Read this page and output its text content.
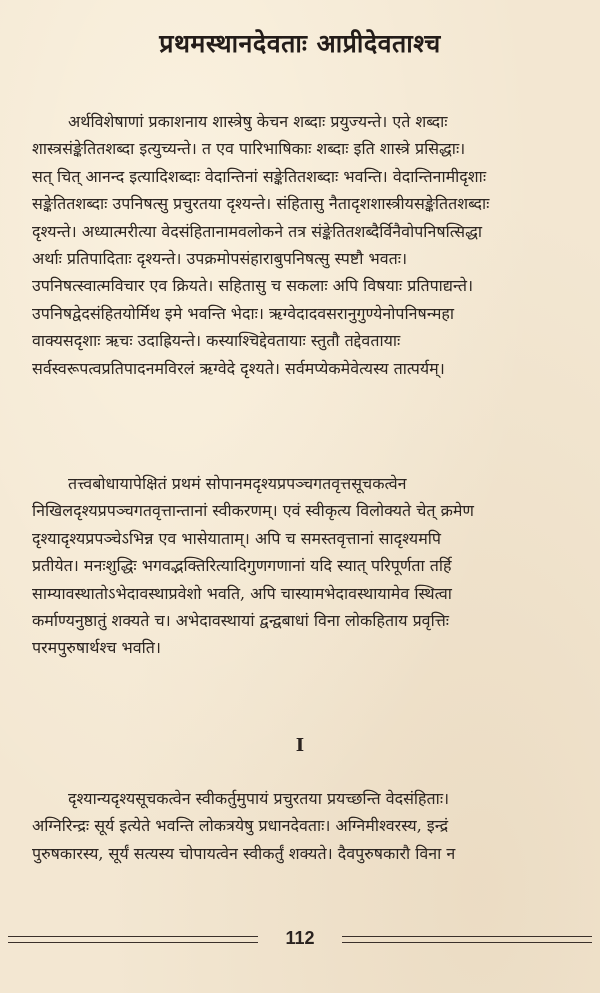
प्रथमस्थानदेवताः आप्रीदेवताश्च
अर्थविशेषाणां प्रकाशनाय शास्त्रेषु केचन शब्दाः प्रयुज्यन्ते। एते शब्दाः
शास्त्रसंङ्केतितशब्दा इत्युच्यन्ते। त एव पारिभाषिकाः शब्दाः इति शास्त्रे प्रसिद्धाः।
सत् चित् आनन्द इत्यादिशब्दाः वेदान्तिनां सङ्केतितशब्दाः भवन्ति। वेदान्तिनामीदृशाः
सङ्केतितशब्दाः उपनिषत्सु प्रचुरतया दृश्यन्ते। संहितासु नैतादृशशास्त्रीयसङ्केतितशब्दाः
दृश्यन्ते। अध्यात्मरीत्या वेदसंहितानामवलोकने तत्र संङ्केतितशब्दैर्विनैवोपनिषत्सिद्धा
अर्थाः प्रतिपादिताः दृश्यन्ते। उपक्रमोपसंहाराबुपनिषत्सु स्पष्टौ भवतः।
उपनिषत्स्वात्मविचार एव क्रियते। सहितासु च सकलाः अपि विषयाः प्रतिपाद्यन्ते।
उपनिषद्वेदसंहितयोर्मिथ इमे भवन्ति भेदाः। ऋग्वेदादवसरानुगुण्येनोपनिषन्महा
वाक्यसदृशाः ऋचः उदाह्रियन्ते। कस्याश्चिद्देवतायाः स्तुतौ तद्देवतायाः
सर्वस्वरूपत्वप्रतिपादनमविरलं ऋग्वेदे दृश्यते। सर्वमप्येकमेवेत्यस्य तात्पर्यम्।
तत्त्वबोधायापेक्षितं प्रथमं सोपानमदृश्यप्रपञ्चगतवृत्तसूचकत्वेन
निखिलदृश्यप्रपञ्चगतवृत्तान्तानां स्वीकरणम्। एवं स्वीकृत्य विलोक्यते चेत् क्रमेण
दृश्यादृश्यप्रपञ्चेऽभिन्न एव भासेयाताम्। अपि च समस्तवृत्तानां सादृश्यमपि
प्रतीयेत। मनःशुद्धिः भगवद्भक्तिरित्यादिगुणगणानां यदि स्यात् परिपूर्णता तर्हि
साम्यावस्थातोऽभेदावस्थाप्रवेशो भवति, अपि चास्यामभेदावस्थायामेव स्थित्वा
कर्माण्यनुष्ठातुं शक्यते च। अभेदावस्थायां द्वन्द्वबाधां विना लोकहिताय प्रवृत्तिः
परमपुरुषार्थश्च भवति।
I
दृश्यान्यदृश्यसूचकत्वेन स्वीकर्तुमुपायं प्रचुरतया प्रयच्छन्ति वेदसंहिताः।
अग्निरिन्द्रः सूर्य इत्येते भवन्ति लोकत्रयेषु प्रधानदेवताः। अग्निमीश्वरस्य, इन्द्रं
पुरुषकारस्य, सूर्यं सत्यस्य चोपायत्वेन स्वीकर्तुं शक्यते। दैवपुरुषकारौ विना न
112
